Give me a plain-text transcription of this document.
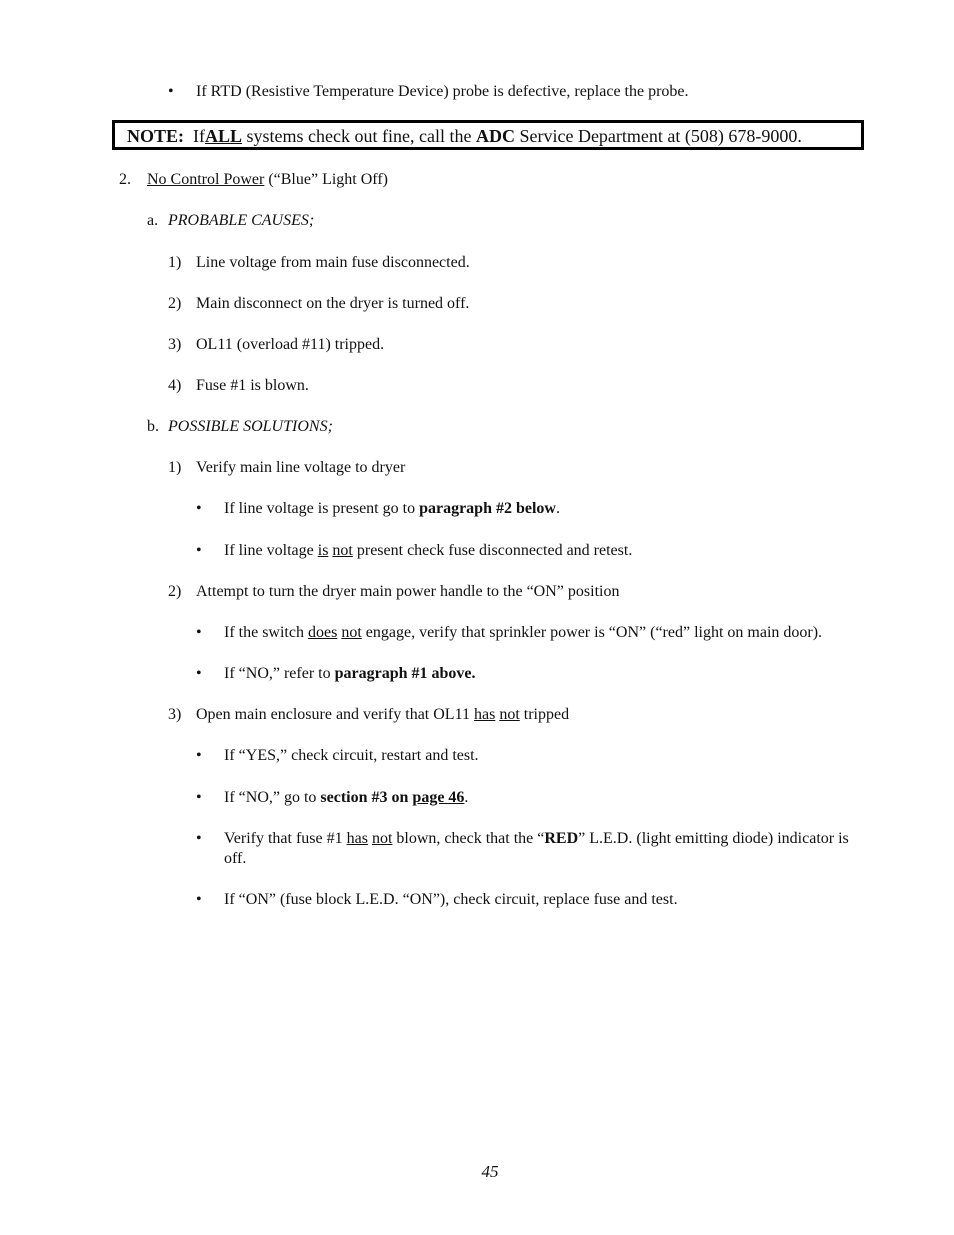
• If RTD (Resistive Temperature Device) probe is defective, replace the probe.
NOTE: IfALL systems check out fine, call the ADC Service Department at (508) 678-9000.
2. No Control Power (“Blue” Light Off)
a. PROBABLE CAUSES;
1) Line voltage from main fuse disconnected.
2) Main disconnect on the dryer is turned off.
3) OL11 (overload #11) tripped.
4) Fuse #1 is blown.
b. POSSIBLE SOLUTIONS;
1) Verify main line voltage to dryer
• If line voltage is present go to paragraph #2 below.
• If line voltage is not present check fuse disconnected and retest.
2) Attempt to turn the dryer main power handle to the “ON” position
• If the switch does not engage, verify that sprinkler power is “ON” (“red” light on main door).
• If “NO,” refer to paragraph #1 above.
3) Open main enclosure and verify that OL11 has not tripped
• If “YES,” check circuit, restart and test.
• If “NO,” go to section #3 on page 46.
• Verify that fuse #1 has not blown, check that the “RED” L.E.D. (light emitting diode) indicator is off.
• If “ON” (fuse block L.E.D. “ON”), check circuit, replace fuse and test.
45
